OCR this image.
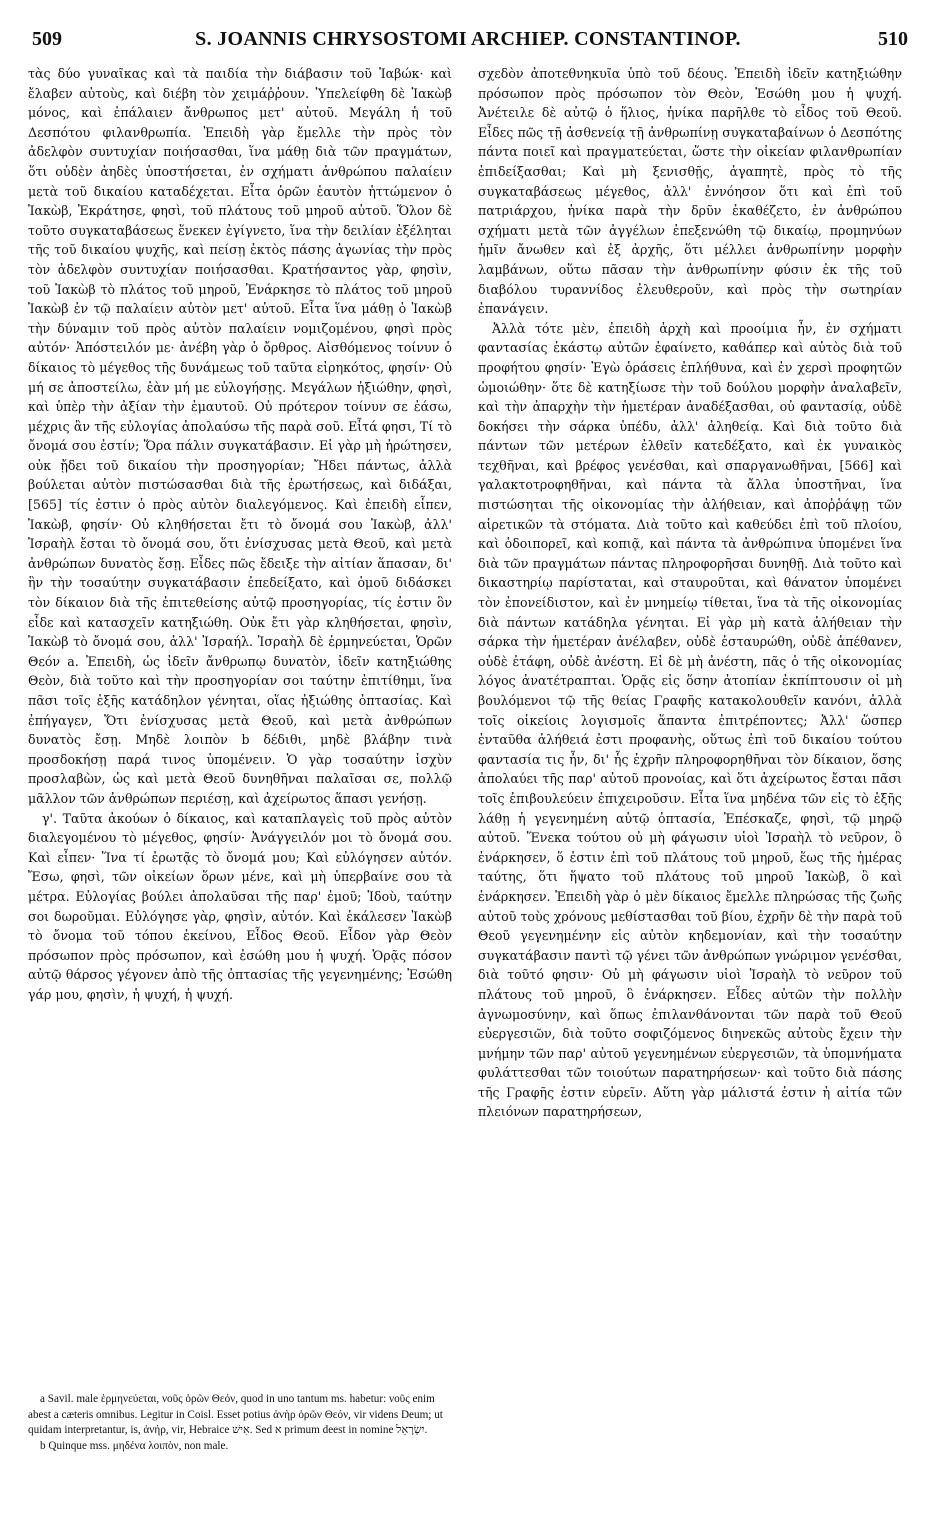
509	S. JOANNIS CHRYSOSTOMI ARCHIEP. CONSTANTINOP.	510

τὰς δύο γυναῖκας καὶ τὰ παιδία τὴν διάβασιν τοῦ Ἰαβώκ· καὶ ἔλαβεν αὐτοὺς, καὶ διέβη τὸν χειμάῤῥουν. Ὑπελείφθη δὲ Ἰακὼβ μόνος, καὶ ἐπάλαιεν ἄνθρωπος μετ' αὐτοῦ. Μεγάλη ἡ τοῦ Δεσπότου φιλανθρωπία. Ἐπειδὴ γὰρ ἔμελλε τὴν πρὸς τὸν ἀδελφὸν συντυχίαν ποιήσασθαι, ἵνα μάθῃ διὰ τῶν πραγμάτων, ὅτι οὐδὲν ἀηδὲς ὑποστήσεται, ἐν σχήματι ἀνθρώπου παλαίειν μετὰ τοῦ δικαίου καταδέχεται. Εἶτα ὁρῶν ἑαυτὸν ἡττώμενον ὁ Ἰακὼβ, Ἐκράτησε, φησὶ, τοῦ πλάτους τοῦ μηροῦ αὐτοῦ. Ὅλον δὲ τοῦτο συγκαταβάσεως ἕνεκεν ἐγίγνετο, ἵνα τὴν δειλίαν ἐξέληται τῆς τοῦ δικαίου ψυχῆς, καὶ πείσῃ ἐκτὸς πάσης ἀγωνίας τὴν πρὸς τὸν ἀδελφὸν συντυχίαν ποιήσασθαι. Κρατήσαντος γὰρ, φησὶν, τοῦ Ἰακὼβ τὸ πλάτος τοῦ μηροῦ, Ἐνάρκησε τὸ πλάτος τοῦ μηροῦ Ἰακὼβ ἐν τῷ παλαίειν αὐτὸν μετ' αὐτοῦ. Εἶτα ἵνα μάθῃ ὁ Ἰακὼβ τὴν δύναμιν τοῦ πρὸς αὐτὸν παλαίειν νομιζομένου, φησὶ πρὸς αὐτόν· Ἀπόστειλόν με· ἀνέβη γὰρ ὁ ὄρθρος. Αἰσθόμενος τοίνυν ὁ δίκαιος τὸ μέγεθος τῆς δυνάμεως τοῦ ταῦτα εἰρηκότος, φησίν· Οὐ μή σε ἀποστείλω, ἐὰν μή με εὐλογήσῃς. Μεγάλων ἠξιώθην, φησὶ, καὶ ὑπὲρ τὴν ἀξίαν τὴν ἐμαυτοῦ. Οὐ πρότερον τοίνυν σε ἐάσω, μέχρις ἂν τῆς εὐλογίας ἀπολαύσω τῆς παρὰ σοῦ. Εἶτά φησι, Τί τὸ ὄνομά σου ἐστίν; Ὅρα πάλιν συγκατάβασιν. Εἰ γὰρ μὴ ἠρώτησεν, οὐκ ᾔδει τοῦ δικαίου τὴν προσηγορίαν; Ἤδει πάντως, ἀλλὰ βούλεται αὐτὸν πιστώσασθαι διὰ τῆς ἐρωτήσεως, καὶ διδάξαι, [565] τίς ἐστιν ὁ πρὸς αὐτὸν διαλεγόμενος. Καὶ ἐπειδὴ εἶπεν, Ἰακὼβ, φησίν· Οὐ κληθήσεται ἔτι τὸ ὄνομά σου Ἰακὼβ, ἀλλ' Ἰσραὴλ ἔσται τὸ ὄνομά σου, ὅτι ἐνίσχυσας μετὰ Θεοῦ, καὶ μετὰ ἀνθρώπων δυνατὸς ἔσῃ. Εἶδες πῶς ἔδειξε τὴν αἰτίαν ἅπασαν, δι' ἣν τὴν τοσαύτην συγκατάβασιν ἐπεδείξατο, καὶ ὁμοῦ διδάσκει τὸν δίκαιον διὰ τῆς ἐπιτεθείσης αὐτῷ προσηγορίας, τίς ἐστιν ὃν εἶδε καὶ κατασχεῖν κατηξιώθη. Οὐκ ἔτι γὰρ κληθήσεται, φησὶν, Ἰακὼβ τὸ ὄνομά σου, ἀλλ' Ἰσραήλ. Ἰσραὴλ δὲ ἑρμηνεύεται, Ὁρῶν Θεόν a. Ἐπειδὴ, ὡς ἰδεῖν ἄνθρωπῳ δυνατὸν, ἰδεῖν κατηξιώθης Θεὸν, διὰ τοῦτο καὶ τὴν προσηγορίαν σοι ταύτην ἐπιτίθημι, ἵνα πᾶσι τοῖς ἑξῆς κατάδηλον γένηται, οἵας ἠξιώθης ὀπτασίας. Καὶ ἐπήγαγεν, Ὅτι ἐνίσχυσας μετὰ Θεοῦ, καὶ μετὰ ἀνθρώπων δυνατὸς ἔσῃ. Μηδὲ λοιπὸν b δέδιθι, μηδὲ βλάβην τινὰ προσδοκήσῃ παρά τινος ὑπομένειν. Ὁ γὰρ τοσαύτην ἰσχὺν προσλαβὼν, ὡς καὶ μετὰ Θεοῦ δυνηθῆναι παλαῖσαι σε, πολλῷ μᾶλλον τῶν ἀνθρώπων περιέσῃ, καὶ ἀχείρωτος ἅπασι γενήσῃ.

γ'. Ταῦτα ἀκούων ὁ δίκαιος, καὶ καταπλαγεὶς τοῦ πρὸς αὐτὸν διαλεγομένου τὸ μέγεθος, φησίν· Ἀνάγγειλόν μοι τὸ ὄνομά σου. Καὶ εἶπεν· Ἵνα τί ἐρωτᾷς τὸ ὄνομά μου; Καὶ εὐλόγησεν αὐτόν. Ἔσω, φησὶ, τῶν οἰκείων ὅρων μένε, καὶ μὴ ὑπερβαίνε σου τὰ μέτρα. Εὐλογίας βούλει ἀπολαῦσαι τῆς παρ' ἐμοῦ; Ἰδοὺ, ταύτην σοι δωροῦμαι. Εὐλόγησε γὰρ, φησὶν, αὐτόν. Καὶ ἐκάλεσεν Ἰακὼβ τὸ ὄνομα τοῦ τόπου ἐκείνου, Εἶδος Θεοῦ. Εἶδον γὰρ Θεὸν πρόσωπον πρὸς πρόσωπον, καὶ ἐσώθη μου ἡ ψυχή. Ὁρᾷς πόσον αὐτῷ θάρσος γέγονεν ἀπὸ τῆς ὀπτασίας τῆς γεγενημένης; Ἐσώθη γάρ μου, φησὶν, ἡ ψυχή, ἡ ψυχή.

a Savil. male ἑρμηνεύεται, νοῦς ὁρῶν Θεόν, quod in uno tantum ms. habetur: νοῦς enim abest a cæteris omnibus. Legitur in Coisl. Esset potius ἀνὴρ ὁρῶν Θεόν, vir videns Deum; ut quidam interpretantur, is, ἀνήρ, vir, Hebraice אִישׁ. Sed א primum deest in nomine יִשְׂרָאֵל.
b Quinque mss. μηδένα λοιπὸν, non male.

σχεδὸν ἀποτεθνηκυῖα ὑπὸ τοῦ δέους. Ἐπειδὴ ἰδεῖν κατηξιώθην πρόσωπον πρὸς πρόσωπον τὸν Θεὸν, Ἐσώθη μου ἡ ψυχή. Ἀνέτειλε δὲ αὐτῷ ὁ ἥλιος, ἡνίκα παρῆλθε τὸ εἶδος τοῦ Θεοῦ. Εἶδες πῶς τῇ ἀσθενείᾳ τῇ ἀνθρωπίνῃ συγκαταβαίνων ὁ Δεσπότης πάντα ποιεῖ καὶ πραγματεύεται, ὥστε τὴν οἰκείαν φιλανθρωπίαν ἐπιδείξασθαι; Καὶ μὴ ξενισθῇς, ἀγαπητὲ, πρὸς τὸ τῆς συγκαταβάσεως μέγεθος, ἀλλ' ἐννόησον ὅτι καὶ ἐπὶ τοῦ πατριάρχου, ἡνίκα παρὰ τὴν δρῦν ἐκαθέζετο, ἐν ἀνθρώπου σχήματι μετὰ τῶν ἀγγέλων ἐπεξενώθη τῷ δικαίῳ, προμηνύων ἡμῖν ἄνωθεν καὶ ἐξ ἀρχῆς, ὅτι μέλλει ἀνθρωπίνην μορφὴν λαμβάνων, οὕτω πᾶσαν τὴν ἀνθρωπίνην φύσιν ἐκ τῆς τοῦ διαβόλου τυραννίδος ἐλευθεροῦν, καὶ πρὸς τὴν σωτηρίαν ἐπανάγειν.

Ἀλλὰ τότε μὲν, ἐπειδὴ ἀρχὴ καὶ προοίμια ἦν, ἐν σχήματι φαντασίας ἑκάστῳ αὐτῶν ἐφαίνετο, καθάπερ καὶ αὐτὸς διὰ τοῦ προφήτου φησίν· Ἐγὼ ὁράσεις ἐπλήθυνα, καὶ ἐν χερσὶ προφητῶν ὡμοιώθην· ὅτε δὲ κατηξίωσε τὴν τοῦ δούλου μορφὴν ἀναλαβεῖν, καὶ τὴν ἀπαρχὴν τὴν ἡμετέραν ἀναδέξασθαι, οὐ φαντασίᾳ, οὐδὲ δοκήσει τὴν σάρκα ὑπέδυ, ἀλλ' ἀληθείᾳ. Καὶ διὰ τοῦτο διὰ πάντων τῶν μετέρων ἐλθεῖν κατεδέξατο, καὶ ἐκ γυναικὸς τεχθῆναι, καὶ βρέφος γενέσθαι, καὶ σπαργανωθῆναι, [566] καὶ γαλακτοτροφηθῆναι, καὶ πάντα τὰ ἄλλα ὑποστῆναι, ἵνα πιστώσηται τῆς οἰκονομίας τὴν ἀλήθειαν, καὶ ἀποῤῥάψῃ τῶν αἱρετικῶν τὰ στόματα. Διὰ τοῦτο καὶ καθεύδει ἐπὶ τοῦ πλοίου, καὶ ὁδοιπορεῖ, καὶ κοπιᾷ, καὶ πάντα τὰ ἀνθρώπινα ὑπομένει ἵνα διὰ τῶν πραγμάτων πάντας πληροφορῆσαι δυνηθῇ. Διὰ τοῦτο καὶ δικαστηρίῳ παρίσταται, καὶ σταυροῦται, καὶ θάνατον ὑπομένει τὸν ἐπονείδιστον, καὶ ἐν μνημείῳ τίθεται, ἵνα τὰ τῆς οἰκονομίας διὰ πάντων κατάδηλα γένηται. Εἰ γὰρ μὴ κατὰ ἀλήθειαν τὴν σάρκα τὴν ἡμετέραν ἀνέλαβεν, οὐδὲ ἐσταυρώθη, οὐδὲ ἀπέθανεν, οὐδὲ ἐτάφη, οὐδὲ ἀνέστη. Εἰ δὲ μὴ ἀνέστη, πᾶς ὁ τῆς οἰκονομίας λόγος ἀνατέτραπται. Ὁρᾷς εἰς ὅσην ἀτοπίαν ἐκπίπτουσιν οἱ μὴ βουλόμενοι τῷ τῆς θείας Γραφῆς κατακολουθεῖν κανόνι, ἀλλὰ τοῖς οἰκείοις λογισμοῖς ἅπαντα ἐπιτρέποντες; Ἀλλ' ὥσπερ ἐνταῦθα ἀλήθειά ἐστι προφανὴς, οὕτως ἐπὶ τοῦ δικαίου τούτου φαντασία τις ἦν, δι' ἧς ἐχρῆν πληροφορηθῆναι τὸν δίκαιον, ὅσης ἀπολαύει τῆς παρ' αὐτοῦ προνοίας, καὶ ὅτι ἀχείρωτος ἔσται πᾶσι τοῖς ἐπιβουλεύειν ἐπιχειροῦσιν. Εἶτα ἵνα μηδένα τῶν εἰς τὸ ἑξῆς λάθῃ ἡ γεγενημένη αὐτῷ ὀπτασία, Ἐπέσκαζε, φησὶ, τῷ μηρῷ αὐτοῦ. Ἕνεκα τούτου οὐ μὴ φάγωσιν υἱοὶ Ἰσραὴλ τὸ νεῦρον, ὃ ἐνάρκησεν, ὅ ἐστιν ἐπὶ τοῦ πλάτους τοῦ μηροῦ, ἕως τῆς ἡμέρας ταύτης, ὅτι ἥψατο τοῦ πλάτους τοῦ μηροῦ Ἰακὼβ, ὃ καὶ ἐνάρκησεν. Ἐπειδὴ γὰρ ὁ μὲν δίκαιος ἔμελλε πληρώσας τῆς ζωῆς αὐτοῦ τοὺς χρόνους μεθίστασθαι τοῦ βίου, ἐχρῆν δὲ τὴν παρὰ τοῦ Θεοῦ γεγενημένην εἰς αὐτὸν κηδεμονίαν, καὶ τὴν τοσαύτην συγκατάβασιν παντὶ τῷ γένει τῶν ἀνθρώπων γνώριμον γενέσθαι, διὰ τοῦτό φησιν· Οὐ μὴ φάγωσιν υἱοὶ Ἰσραὴλ τὸ νεῦρον τοῦ πλάτους τοῦ μηροῦ, ὃ ἐνάρκησεν. Εἶδες αὐτῶν τὴν πολλὴν ἀγνωμοσύνην, καὶ ὅπως ἐπιλανθάνονται τῶν παρὰ τοῦ Θεοῦ εὐεργεσιῶν, διὰ τοῦτο σοφιζόμενος διηνεκῶς αὐτοὺς ἔχειν τὴν μνήμην τῶν παρ' αὐτοῦ γεγενημένων εὐεργεσιῶν, τὰ ὑπομνήματα φυλάττεσθαι τῶν τοιούτων παρατηρήσεων· καὶ τοῦτο διὰ πάσης τῆς Γραφῆς ἐστιν εὑρεῖν. Αὕτη γὰρ μάλιστά ἐστιν ἡ αἰτία τῶν πλειόνων παρατηρήσεων,
